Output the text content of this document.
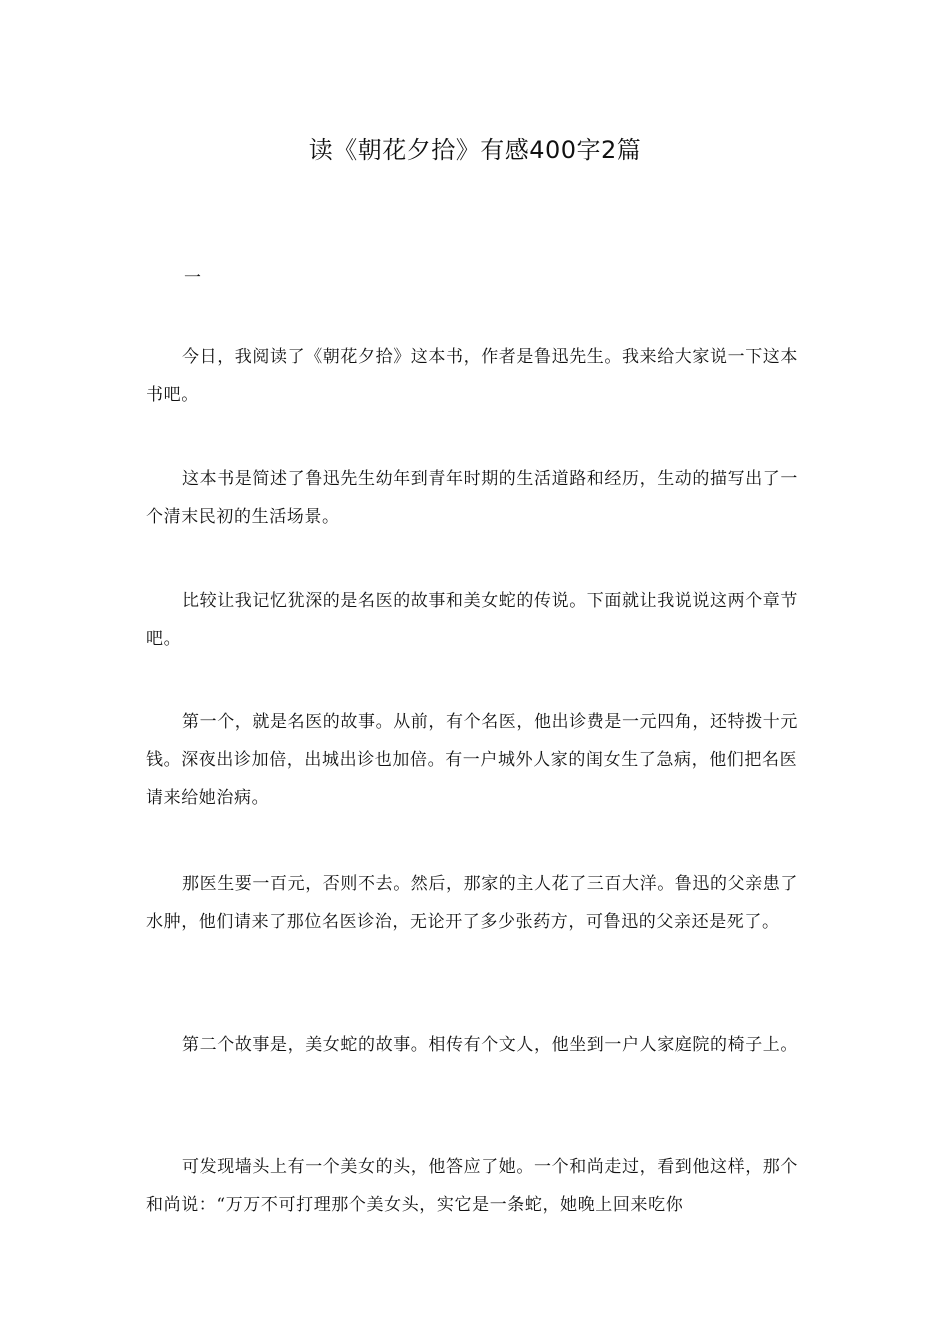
读《朝花夕拾》有感400字2篇
一

今日，我阅读了《朝花夕拾》这本书，作者是鲁迅先生。我来给大家说一下这本书吧。

这本书是简述了鲁迅先生幼年到青年时期的生活道路和经历，生动的描写出了一个清末民初的生活场景。

比较让我记忆犹深的是名医的故事和美女蛇的传说。下面就让我说说这两个章节吧。

第一个，就是名医的故事。从前，有个名医，他出诊费是一元四角，还特拨十元钱。深夜出诊加倍，出城出诊也加倍。有一户城外人家的闺女生了急病，他们把名医请来给她治病。

那医生要一百元，否则不去。然后，那家的主人花了三百大洋。鲁迅的父亲患了水肿，他们请来了那位名医诊治，无论开了多少张药方，可鲁迅的父亲还是死了。

第二个故事是，美女蛇的故事。相传有个文人，他坐到一户人家庭院的椅子上。

可发现墙头上有一个美女的头，他答应了她。一个和尚走过，看到他这样，那个和尚说：“万万不可打理那个美女头，实它是一条蛇，她晚上回来吃你
